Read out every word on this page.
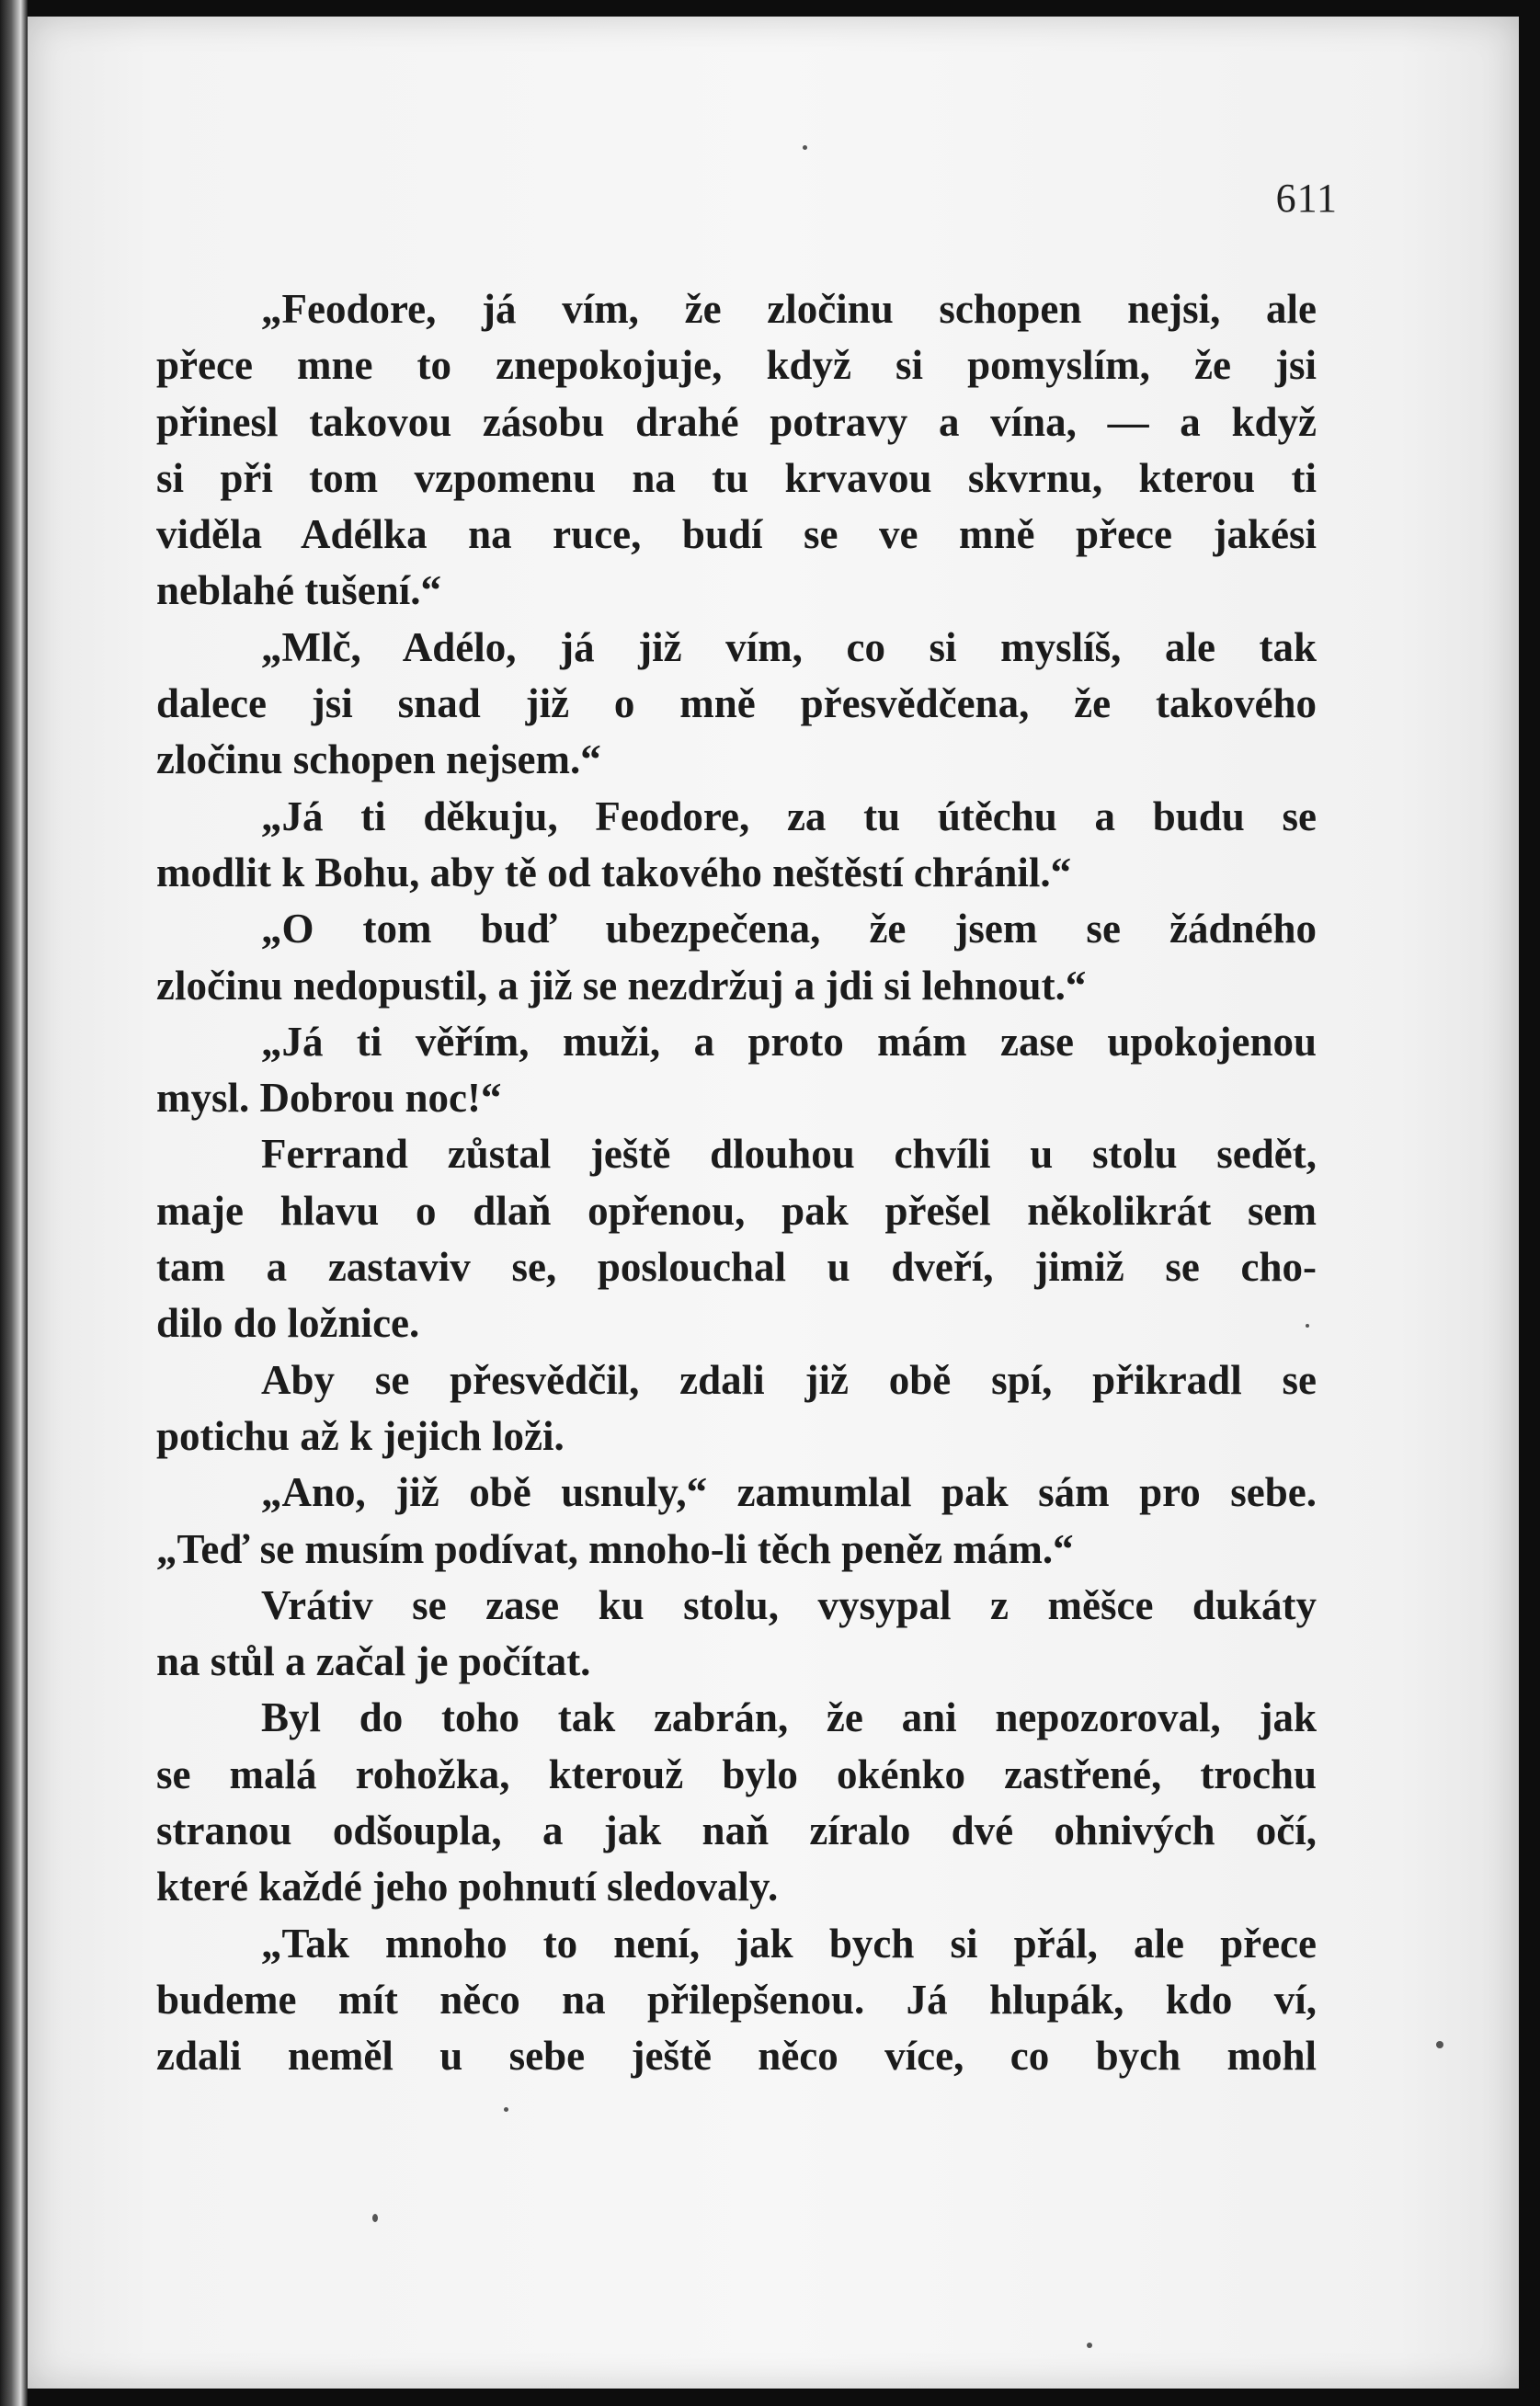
611
„Feodore, já vím, že zločinu schopen nejsi, ale
přece mne to znepokojuje, když si pomyslím, že jsi
přinesl takovou zásobu drahé potravy a vína, — a když
si při tom vzpomenu na tu krvavou skvrnu, kterou ti
viděla Adélka na ruce, budí se ve mně přece jakési
neblahé tušení.“
„Mlč, Adélo, já již vím, co si myslíš, ale tak
dalece jsi snad již o mně přesvědčena, že takového
zločinu schopen nejsem.“
„Já ti děkuju, Feodore, za tu útěchu a budu se
modlit k Bohu, aby tě od takového neštěstí chránil.“
„O tom buď ubezpečena, že jsem se žádného
zločinu nedopustil, a již se nezdržuj a jdi si lehnout.“
„Já ti věřím, muži, a proto mám zase upokojenou
mysl. Dobrou noc!“
Ferrand zůstal ještě dlouhou chvíli u stolu sedět,
maje hlavu o dlaň opřenou, pak přešel několikrát sem
tam a zastaviv se, poslouchal u dveří, jimiž se cho-
dilo do ložnice.
Aby se přesvědčil, zdali již obě spí, přikradl se
potichu až k jejich loži.
„Ano, již obě usnuly,“ zamumlal pak sám pro sebe.
„Teď se musím podívat, mnoho-li těch peněz mám.“
Vrátiv se zase ku stolu, vysypal z měšce dukáty
na stůl a začal je počítat.
Byl do toho tak zabrán, že ani nepozoroval, jak
se malá rohožka, kterouž bylo okénko zastřené, trochu
stranou odšoupla, a jak naň zíralo dvé ohnivých očí,
které každé jeho pohnutí sledovaly.
„Tak mnoho to není, jak bych si přál, ale přece
budeme mít něco na přilepšenou. Já hlupák, kdo ví,
zdali neměl u sebe ještě něco více, co bych mohl
